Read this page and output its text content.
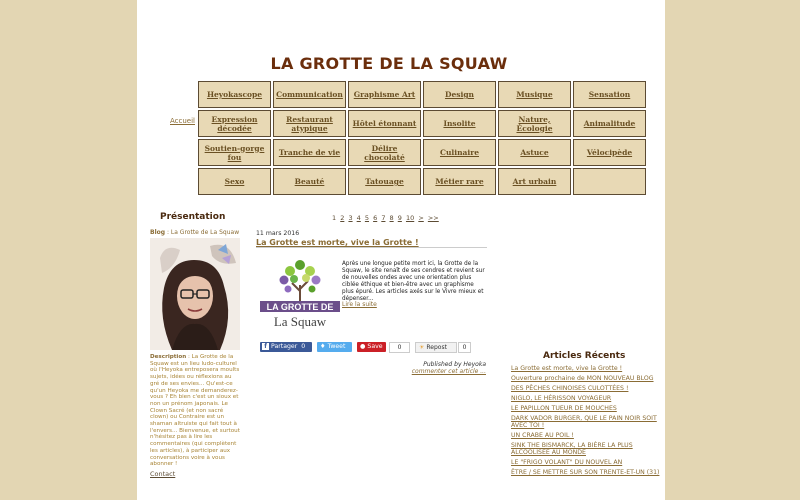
LA GROTTE DE LA SQUAW
Accueil
Heyokascope	Communication	Graphisme Art	Design	Musique	Sensation
Expression décodée	Restaurant atypique	Hôtel étonnant	Insolite	Nature, Écologie	Animalitude
Soutien-gorge fou	Tranche de vie	Délire chocolaté	Culinaire	Astuce	Vélocipède
Sexo	Beauté	Tatouage	Métier rare	Art urbain	
Présentation
Blog : La Grotte de La Squaw
Description : La Grotte de la Squaw est un lieu ludo-culturel où l'Heyoka entreposera moults sujets, idées ou réflexions au gré de ses envies... Qu'est-ce qu'un Heyoka me demanderez-vous ? Eh bien c'est un sioux et non un prénom japonais. Le Clown Sacré (et non sacré clown) ou Contraire est un shaman altruiste qui fait tout à l'envers... Bienvenue, et surtout n'hésitez pas à lire les commentaires (qui complètent les articles), à participer aux conversations voire à vous abonner !
Contact
1 2 3 4 5 6 7 8 9 10 > >>
11 mars 2016
La Grotte est morte, vive la Grotte !
LA GROTTE DE
La Squaw
Après une longue petite mort ici, la Grotte de la Squaw, le site renaît de ses cendres et revient sur de nouvelles ondes avec une orientation plus ciblée éthique et bien-être avec un graphisme plus épuré. Les articles axés sur le Vivre mieux et dépenser...
Lire la suite
f Partager 0	♦ Tweet	● Save	0	☀ Repost	0
Published by Heyoka
commenter cet article ...
Articles Récents
La Grotte est morte, vive la Grotte !
Ouverture prochaine de MON NOUVEAU BLOG
DES PÊCHES CHINOISES CULOTTÉES !
NIGLO, LE HÉRISSON VOYAGEUR
LE PAPILLON TUEUR DE MOUCHES
DARK VADOR BURGER, QUE LE PAIN NOIR SOIT AVEC TOI !
UN CRABE AU POIL !
SINK THE BISMARCK, LA BIÈRE LA PLUS ALCOOLISÉE AU MONDE
LE "FRIGO VOLANT" DU NOUVEL AN
ÊTRE / SE METTRE SUR SON TRENTE-ET-UN (31)
